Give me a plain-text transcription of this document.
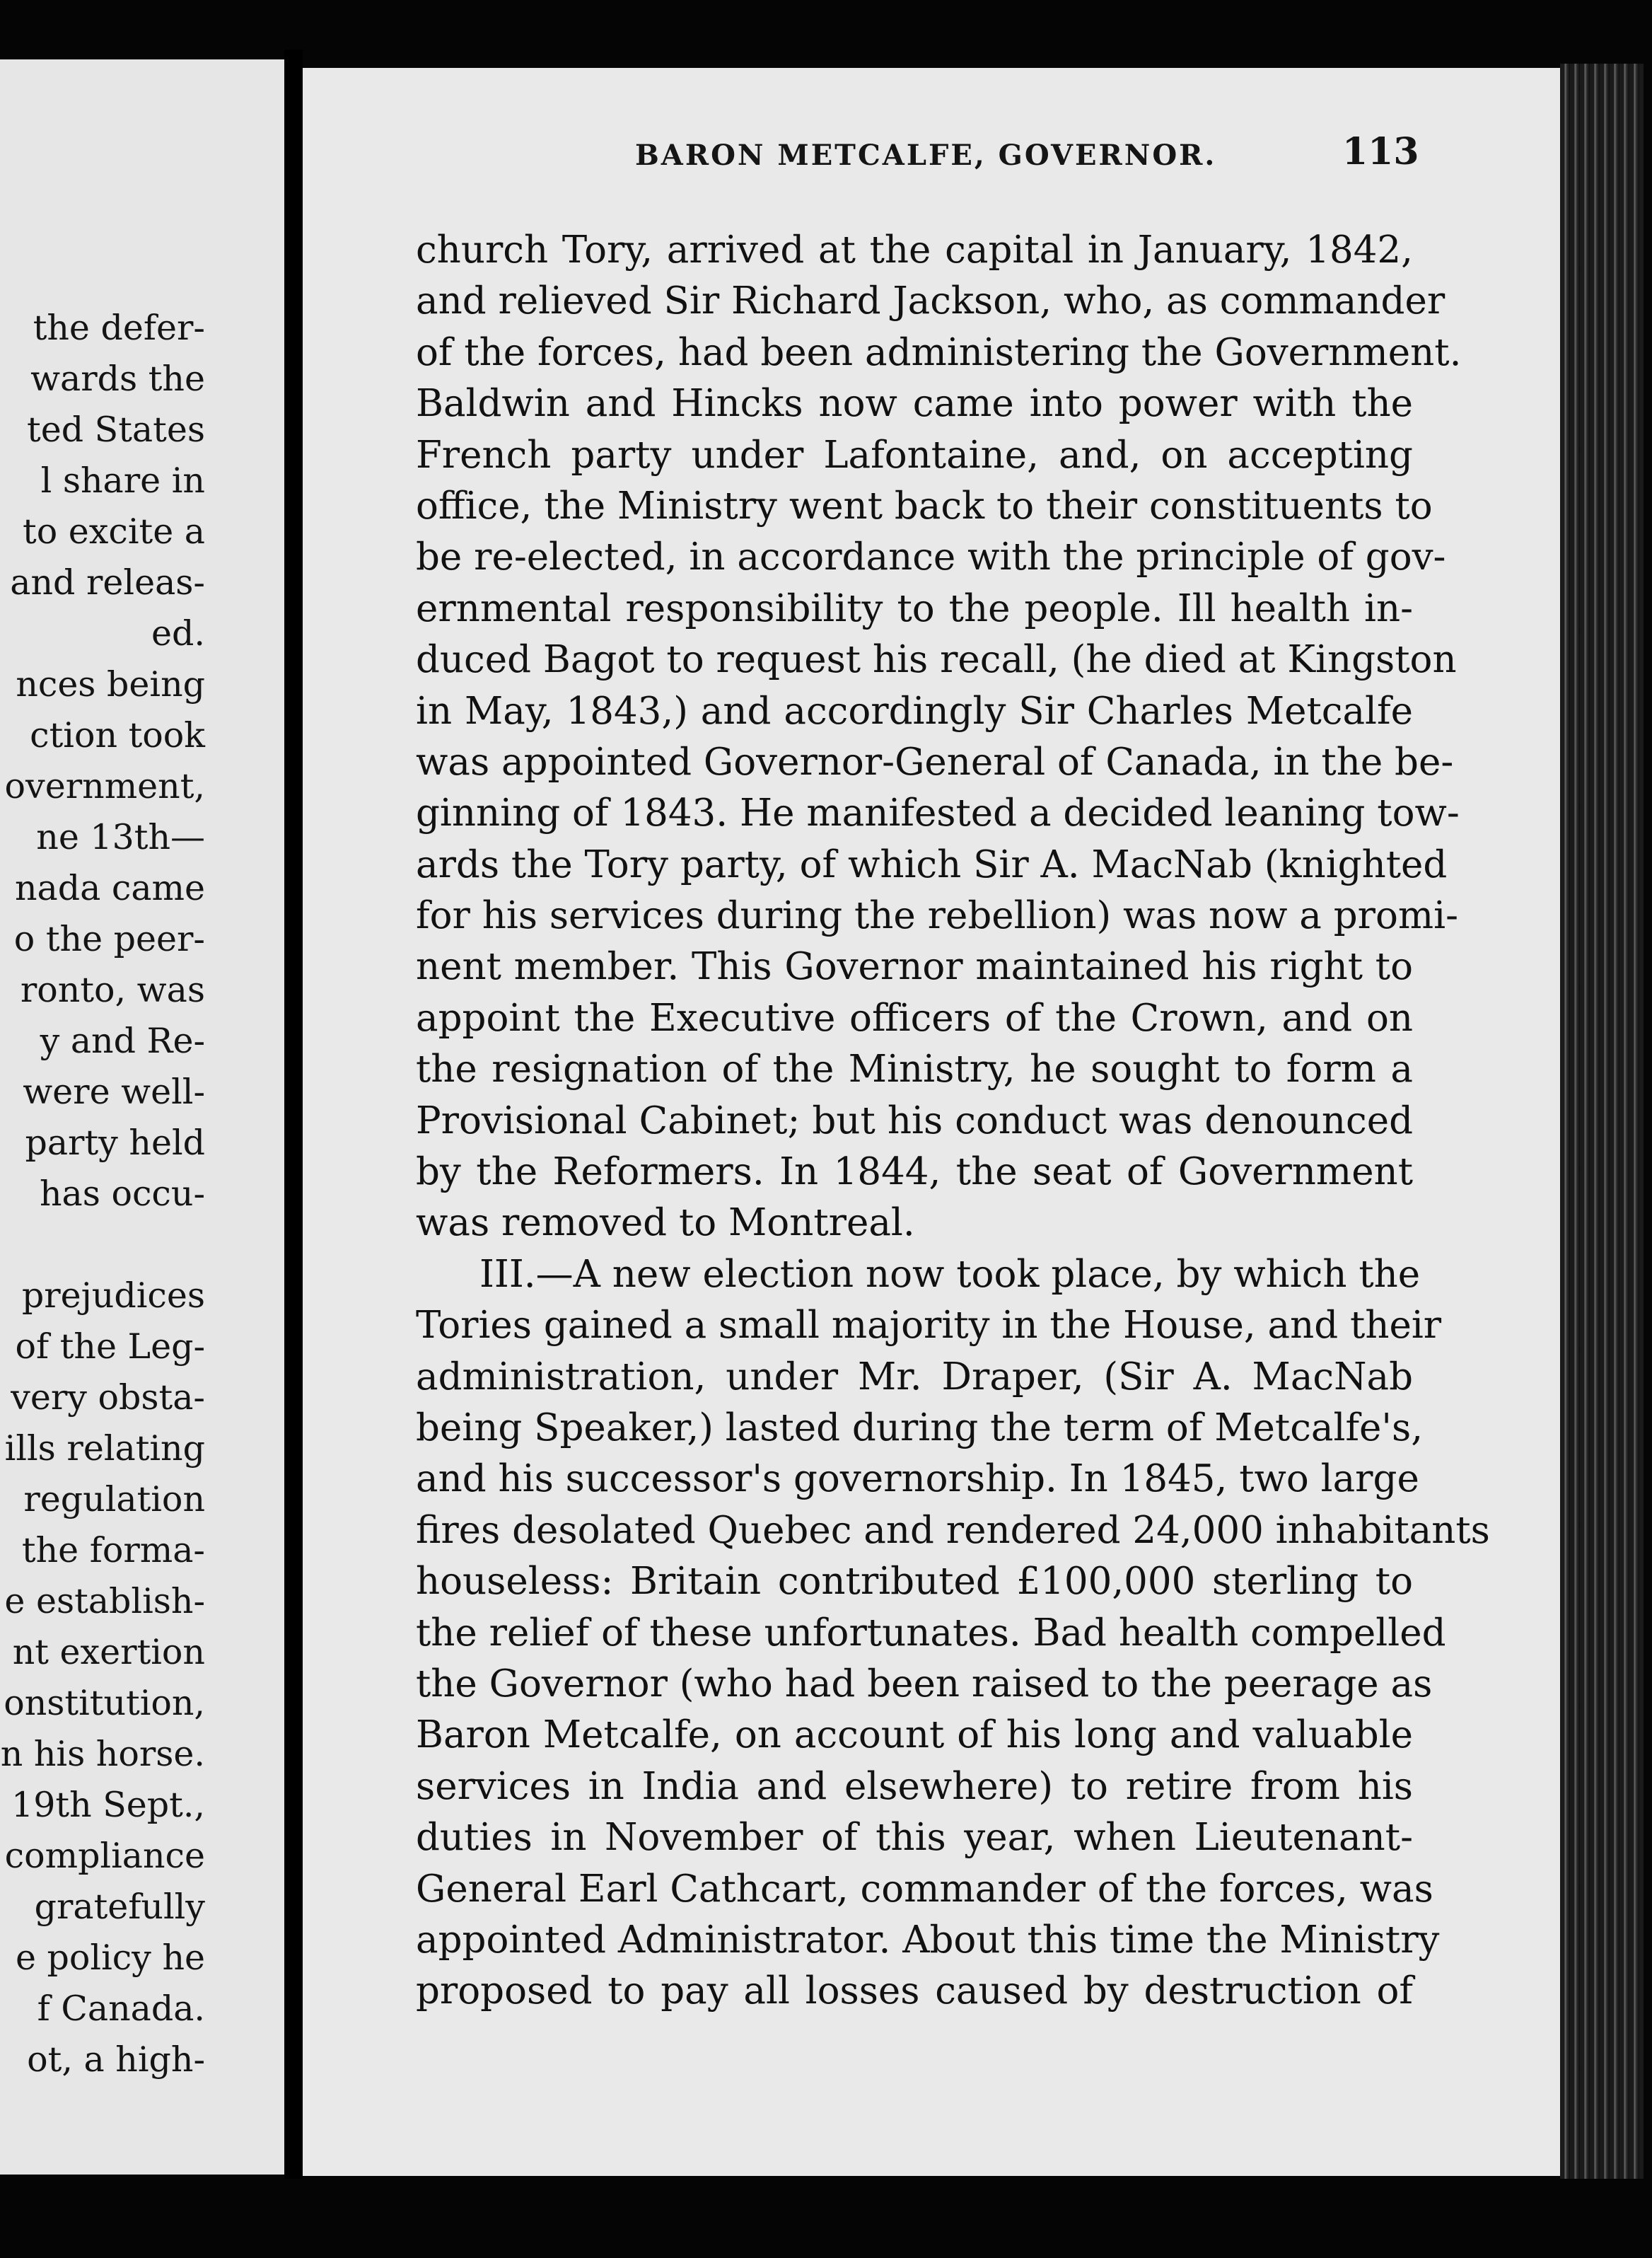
the defer-
wards the
ted States
l share in
to excite a
and releas-
ed.
nces being
ction took
overnment,
ne 13th—
nada came
o the peer-
ronto, was
y and Re-
were well-
party held
has occu-
prejudices
of the Leg-
very obsta-
ills relating
regulation
the forma-
e establish-
nt exertion
onstitution,
n his horse.
19th Sept.,
compliance
gratefully
e policy he
f Canada.
ot, a high-
BARON METCALFE, GOVERNOR.	113
church Tory, arrived at the capital in January, 1842,
and relieved Sir Richard Jackson, who, as commander
of the forces, had been administering the Government.
Baldwin and Hincks now came into power with the
French party under Lafontaine, and, on accepting
office, the Ministry went back to their constituents to
be re-elected, in accordance with the principle of gov-
ernmental responsibility to the people. Ill health in-
duced Bagot to request his recall, (he died at Kingston
in May, 1843,) and accordingly Sir Charles Metcalfe
was appointed Governor-General of Canada, in the be-
ginning of 1843. He manifested a decided leaning tow-
ards the Tory party, of which Sir A. MacNab (knighted
for his services during the rebellion) was now a promi-
nent member. This Governor maintained his right to
appoint the Executive officers of the Crown, and on
the resignation of the Ministry, he sought to form a
Provisional Cabinet; but his conduct was denounced
by the Reformers. In 1844, the seat of Government
was removed to Montreal.
III.—A new election now took place, by which the
Tories gained a small majority in the House, and their
administration, under Mr. Draper, (Sir A. MacNab
being Speaker,) lasted during the term of Metcalfe's,
and his successor's governorship. In 1845, two large
fires desolated Quebec and rendered 24,000 inhabitants
houseless: Britain contributed £100,000 sterling to
the relief of these unfortunates. Bad health compelled
the Governor (who had been raised to the peerage as
Baron Metcalfe, on account of his long and valuable
services in India and elsewhere) to retire from his
duties in November of this year, when Lieutenant-
General Earl Cathcart, commander of the forces, was
appointed Administrator. About this time the Ministry
proposed to pay all losses caused by destruction of
